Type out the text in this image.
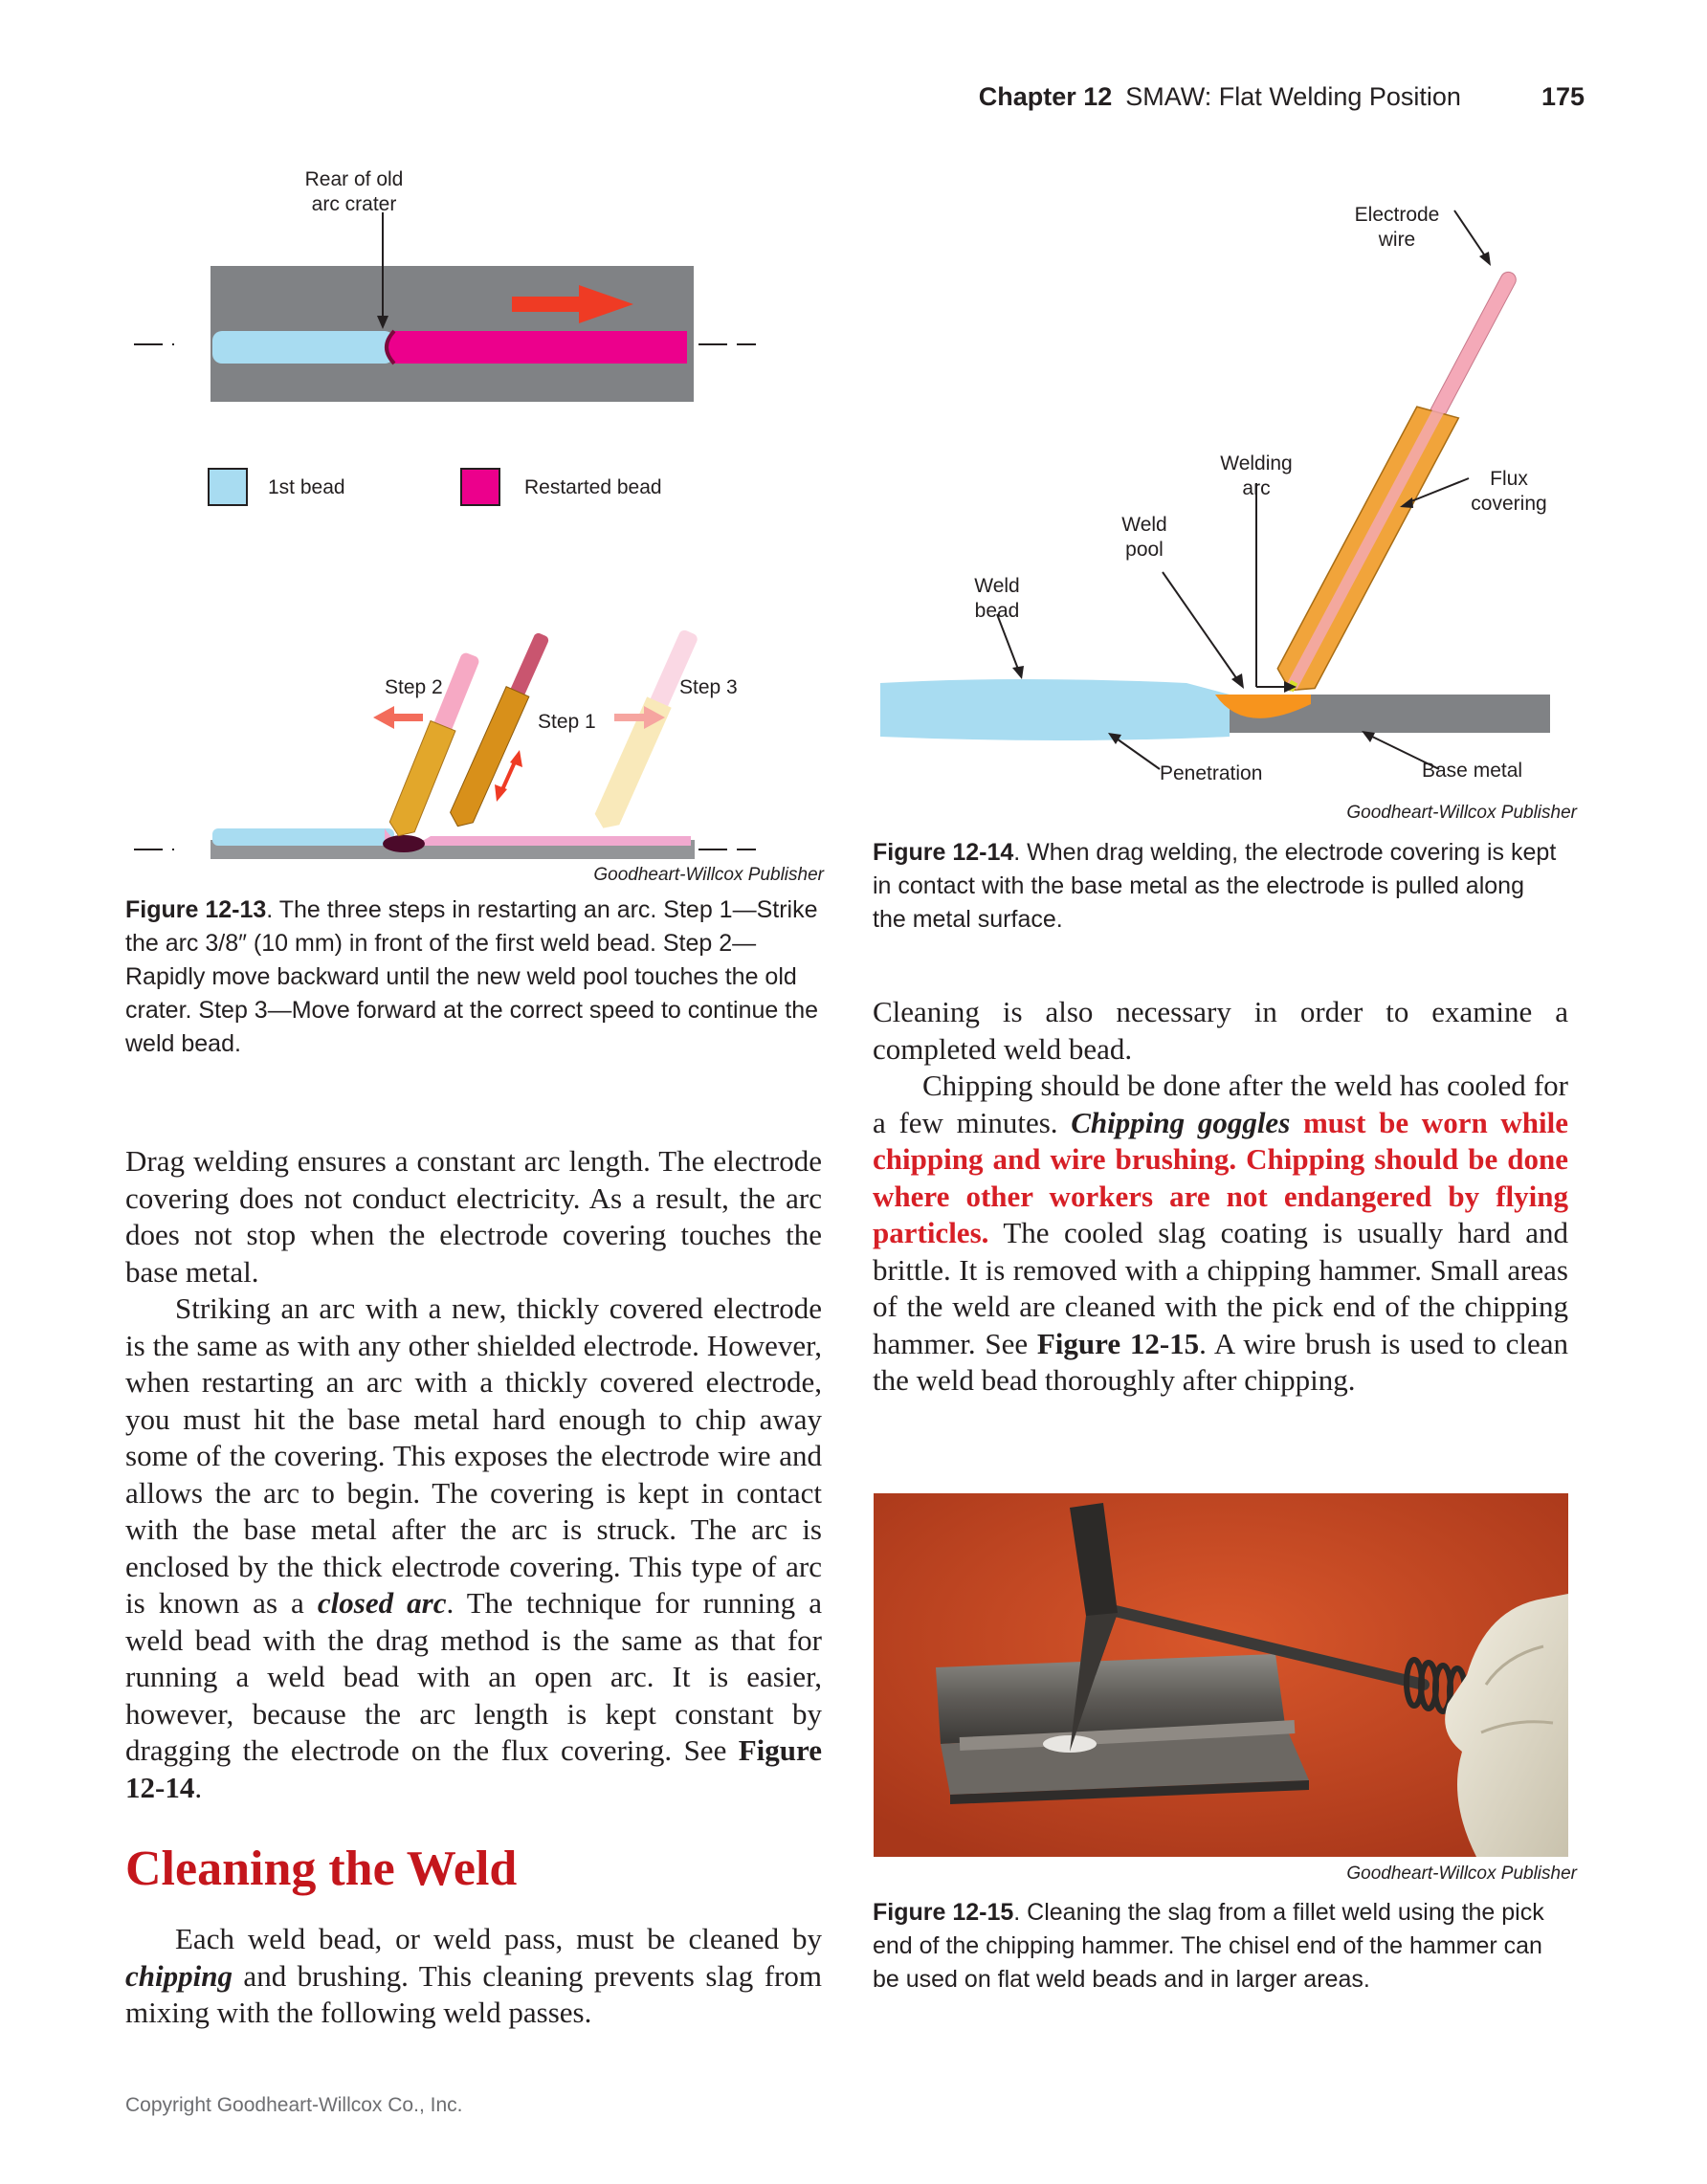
Chapter 12 SMAW: Flat Welding Position	175
Rear of old
arc crater
1st bead	Restarted bead
Step 2
Step 1
Step 3
Goodheart-Willcox Publisher
Figure 12-13. The three steps in restarting an arc. Step 1—Strike the arc 3/8″ (10 mm) in front of the first weld bead. Step 2—Rapidly move backward until the new weld pool touches the old crater. Step 3—Move forward at the correct speed to continue the weld bead.
Electrode
wire
Welding
arc	Flux
covering
Weld
pool
Weld
bead
Penetration	Base metal
Goodheart-Willcox Publisher
Figure 12-14. When drag welding, the electrode covering is kept in contact with the base metal as the electrode is pulled along the metal surface.

Drag welding ensures a constant arc length. The electrode covering does not conduct electricity. As a result, the arc does not stop when the electrode covering touches the base metal.

Striking an arc with a new, thickly covered electrode is the same as with any other shielded electrode. However, when restarting an arc with a thickly covered electrode, you must hit the base metal hard enough to chip away some of the covering. This exposes the electrode wire and allows the arc to begin. The covering is kept in contact with the base metal after the arc is struck. The arc is enclosed by the thick electrode covering. This type of arc is known as a closed arc. The technique for running a weld bead with the drag method is the same as that for running a weld bead with an open arc. It is easier, however, because the arc length is kept constant by dragging the electrode on the flux covering. See Figure 12-14.

Cleaning the Weld

Each weld bead, or weld pass, must be cleaned by chipping and brushing. This cleaning prevents slag from mixing with the following weld passes.

Cleaning is also necessary in order to examine a completed weld bead.

Chipping should be done after the weld has cooled for a few minutes. Chipping goggles must be worn while chipping and wire brushing. Chipping should be done where other workers are not endangered by flying particles. The cooled slag coating is usually hard and brittle. It is removed with a chipping hammer. Small areas of the weld are cleaned with the pick end of the chipping hammer. See Figure 12-15. A wire brush is used to clean the weld bead thoroughly after chipping.

Goodheart-Willcox Publisher
Figure 12-15. Cleaning the slag from a fillet weld using the pick end of the chipping hammer. The chisel end of the hammer can be used on flat weld beads and in larger areas.
Copyright Goodheart-Willcox Co., Inc.
